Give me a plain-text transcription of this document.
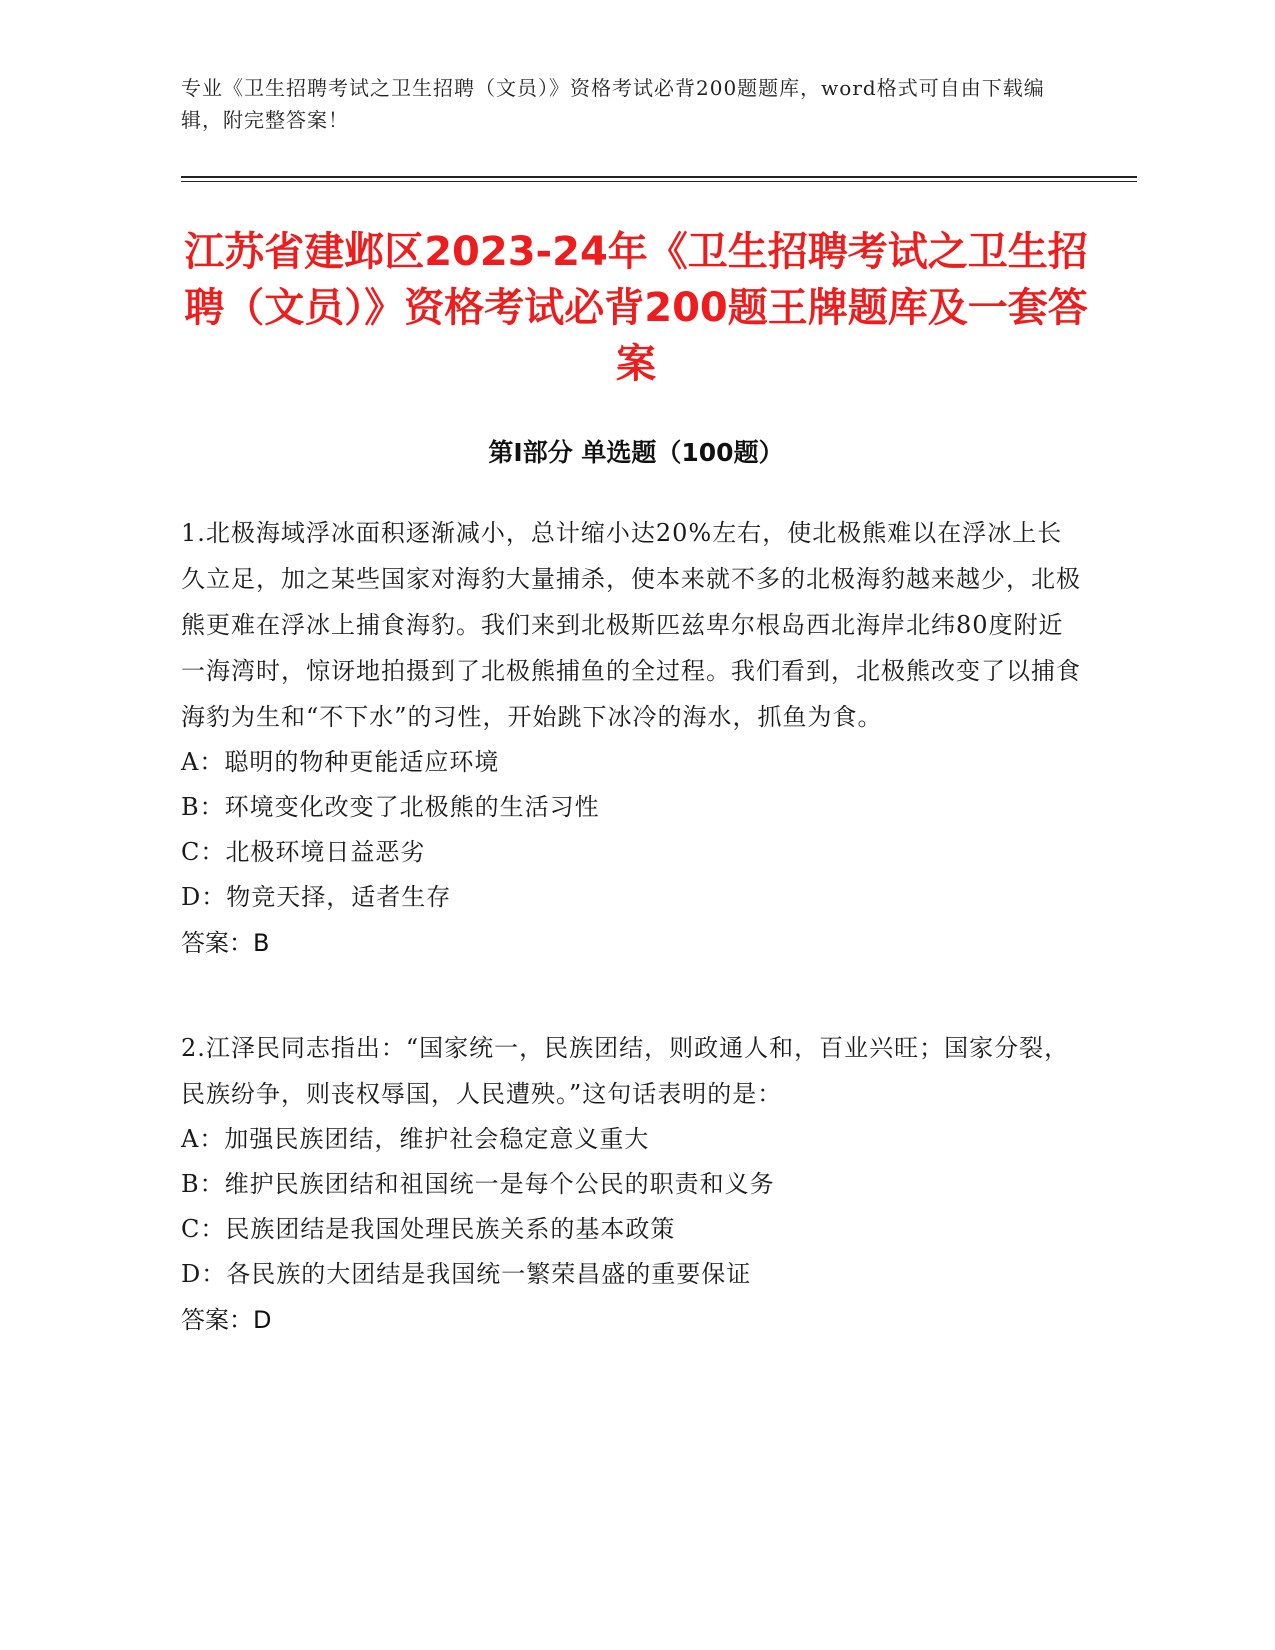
专业《卫生招聘考试之卫生招聘（文员）》资格考试必背200题题库，word格式可自由下载编辑，附完整答案！
江苏省建邺区2023-24年《卫生招聘考试之卫生招聘（文员）》资格考试必背200题王牌题库及一套答案
第I部分 单选题（100题）

1.北极海域浮冰面积逐渐减小，总计缩小达20%左右，使北极熊难以在浮冰上长久立足，加之某些国家对海豹大量捕杀，使本来就不多的北极海豹越来越少，北极熊更难在浮冰上捕食海豹。我们来到北极斯匹兹卑尔根岛西北海岸北纬80度附近一海湾时，惊讶地拍摄到了北极熊捕鱼的全过程。我们看到，北极熊改变了以捕食海豹为生和“不下水”的习性，开始跳下冰冷的海水，抓鱼为食。

A：聪明的物种更能适应环境

B：环境变化改变了北极熊的生活习性

C：北极环境日益恶劣

D：物竞天择，适者生存

答案：B

2.江泽民同志指出：“国家统一，民族团结，则政通人和，百业兴旺；国家分裂，民族纷争，则丧权辱国，人民遭殃。”这句话表明的是：

A：加强民族团结，维护社会稳定意义重大

B：维护民族团结和祖国统一是每个公民的职责和义务

C：民族团结是我国处理民族关系的基本政策

D：各民族的大团结是我国统一繁荣昌盛的重要保证

答案：D
